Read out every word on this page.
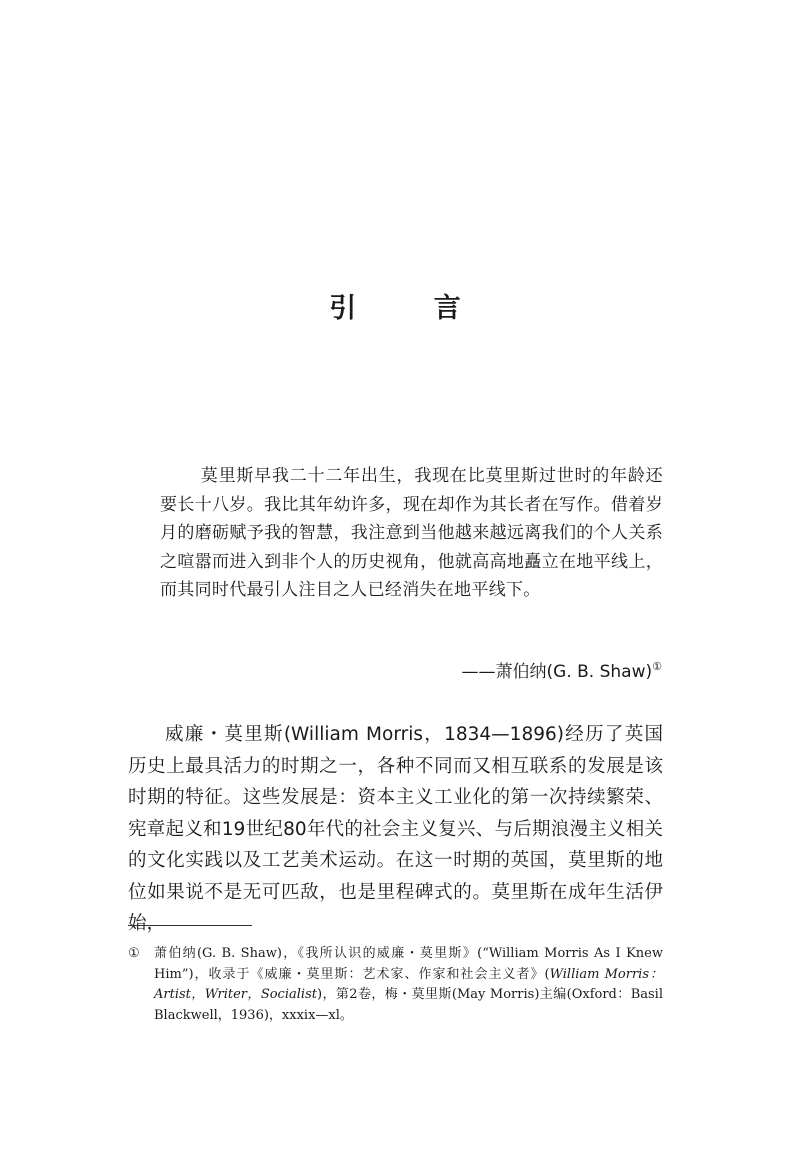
引 言

莫里斯早我二十二年出生，我现在比莫里斯过世时的年龄还要长十八岁。我比其年幼许多，现在却作为其长者在写作。借着岁月的磨砺赋予我的智慧，我注意到当他越来越远离我们的个人关系之喧嚣而进入到非个人的历史视角，他就高高地矗立在地平线上，而其同时代最引人注目之人已经消失在地平线下。

——萧伯纳(G. B. Shaw)①

威廉・莫里斯(William Morris，1834—1896)经历了英国历史上最具活力的时期之一，各种不同而又相互联系的发展是该时期的特征。这些发展是：资本主义工业化的第一次持续繁荣、宪章起义和19世纪80年代的社会主义复兴、与后期浪漫主义相关的文化实践以及工艺美术运动。在这一时期的英国，莫里斯的地位如果说不是无可匹敌，也是里程碑式的。莫里斯在成年生活伊始，

① 萧伯纳(G. B. Shaw)，《我所认识的威廉・莫里斯》(“William Morris As I Knew Him”)，收录于《威廉・莫里斯：艺术家、作家和社会主义者》(William Morris：Artist，Writer，Socialist)，第2卷，梅・莫里斯(May Morris)主编(Oxford：Basil Blackwell，1936)，xxxix—xl。
